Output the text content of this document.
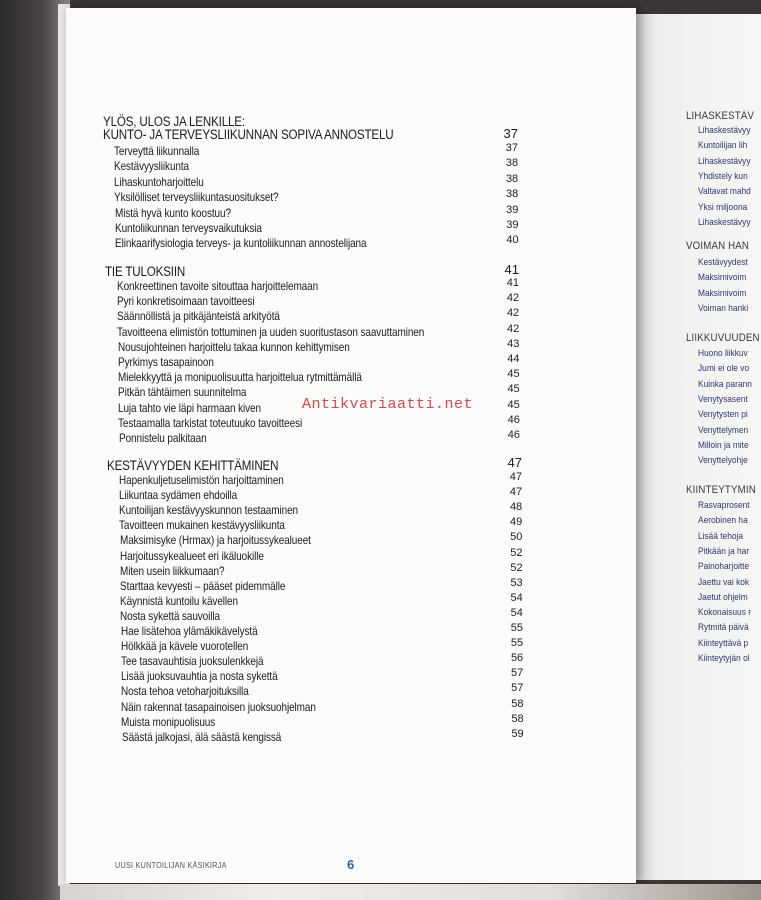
LIHASKESTÄV
Lihaskestävyy
Kuntoilijan lih
Lihaskestävyy
Yhdistely kun
Valtavat mahd
Yksi miljoona
Lihaskestävyy
VOIMAN HAN
Kestävyydest
Maksimivoim
Maksimivoim
Voiman hanki
LIIKKUVUUDEN
Huono liikkuv
Jumi ei ole vo
Kuinka parann
Venytysasent
Venytysten pi
Venyttelymen
Milloin ja mite
Venyttelyohje
KIINTEYTYMIN
Rasvaprosent
Aerobinen ha
Lisää tehoja
Pitkään ja har
Painoharjoitte
Jaettu vai kok
Jaetut ohjelm
Kokonaisuus r
Rytmitä päivä
Kiinteyttävä p
Kiinteytyjän ol
YLÖS, ULOS JA LENKILLE:
KUNTO- JA TERVEYSLIIKUNNAN SOPIVA ANNOSTELU	37
Terveyttä liikunnalla	37
Kestävyysliikunta	38
Lihaskuntoharjoittelu	38
Yksilölliset terveysliikuntasuositukset?	38
Mistä hyvä kunto koostuu?	39
Kuntoliikunnan terveysvaikutuksia	39
Elinkaarifysiologia terveys- ja kuntoliikunnan annostelijana	40
TIE TULOKSIIN	41
Konkreettinen tavoite sitouttaa harjoittelemaan	41
Pyri konkretisoimaan tavoitteesi	42
Säännöllistä ja pitkäjänteistä arkityötä	42
Tavoitteena elimistön tottuminen ja uuden suoritustason saavuttaminen	42
Nousujohteinen harjoittelu takaa kunnon kehittymisen	43
Pyrkimys tasapainoon	44
Mielekkyyttä ja monipuolisuutta harjoittelua rytmittämällä	45
Pitkän tähtäimen suunnitelma	45
Luja tahto vie läpi harmaan kiven	45
Testaamalla tarkistat toteutuuko tavoitteesi	46
Ponnistelu palkitaan	46
KESTÄVYYDEN KEHITTÄMINEN	47
Hapenkuljetuselimistön harjoittaminen	47
Liikuntaa sydämen ehdoilla	47
Kuntoilijan kestävyyskunnon testaaminen	48
Tavoitteen mukainen kestävyysliikunta	49
Maksimisyke (Hrmax) ja harjoitussykealueet	50
Harjoitussykealueet eri ikäluokille	52
Miten usein liikkumaan?	52
Starttaa kevyesti – pääset pidemmälle	53
Käynnistä kuntoilu kävellen	54
Nosta sykettä sauvoilla	54
Hae lisätehoa ylämäkikävelystä	55
Hölkkää ja kävele vuorotellen	55
Tee tasavauhtisia juoksulenkkejä	56
Lisää juoksuvauhtia ja nosta sykettä	57
Nosta tehoa vetoharjoituksilla	57
Näin rakennat tasapainoisen juoksuohjelman	58
Muista monipuolisuus	58
Säästä jalkojasi, älä säästä kengissä	59
Antikvariaatti.net
UUSI KUNTOILIJAN KÄSIKIRJA	6
